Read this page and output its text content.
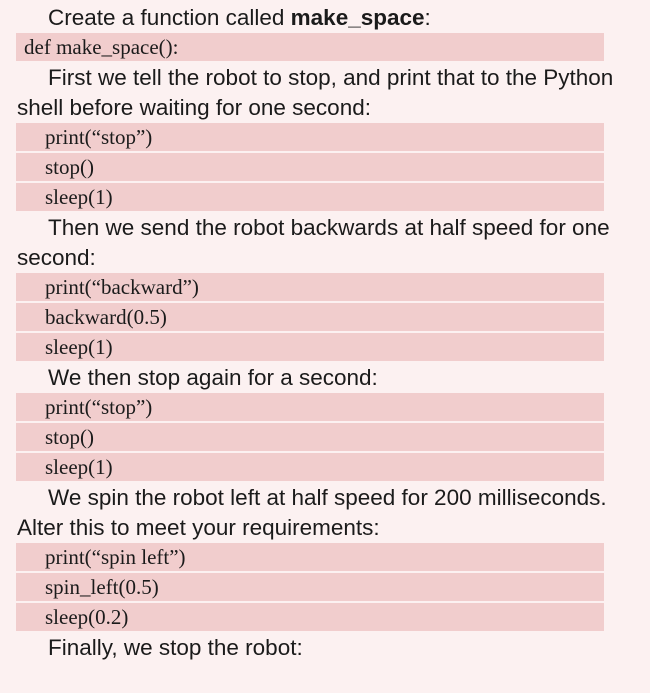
Create a function called make_space:

def make_space():

First we tell the robot to stop, and print that to the Python shell before waiting for one second:

print(“stop”)
stop()
sleep(1)

Then we send the robot backwards at half speed for one second:

print(“backward”)
backward(0.5)
sleep(1)

We then stop again for a second:

print(“stop”)
stop()
sleep(1)

We spin the robot left at half speed for 200 milliseconds. Alter this to meet your requirements:

print(“spin left”)
spin_left(0.5)
sleep(0.2)

Finally, we stop the robot:
